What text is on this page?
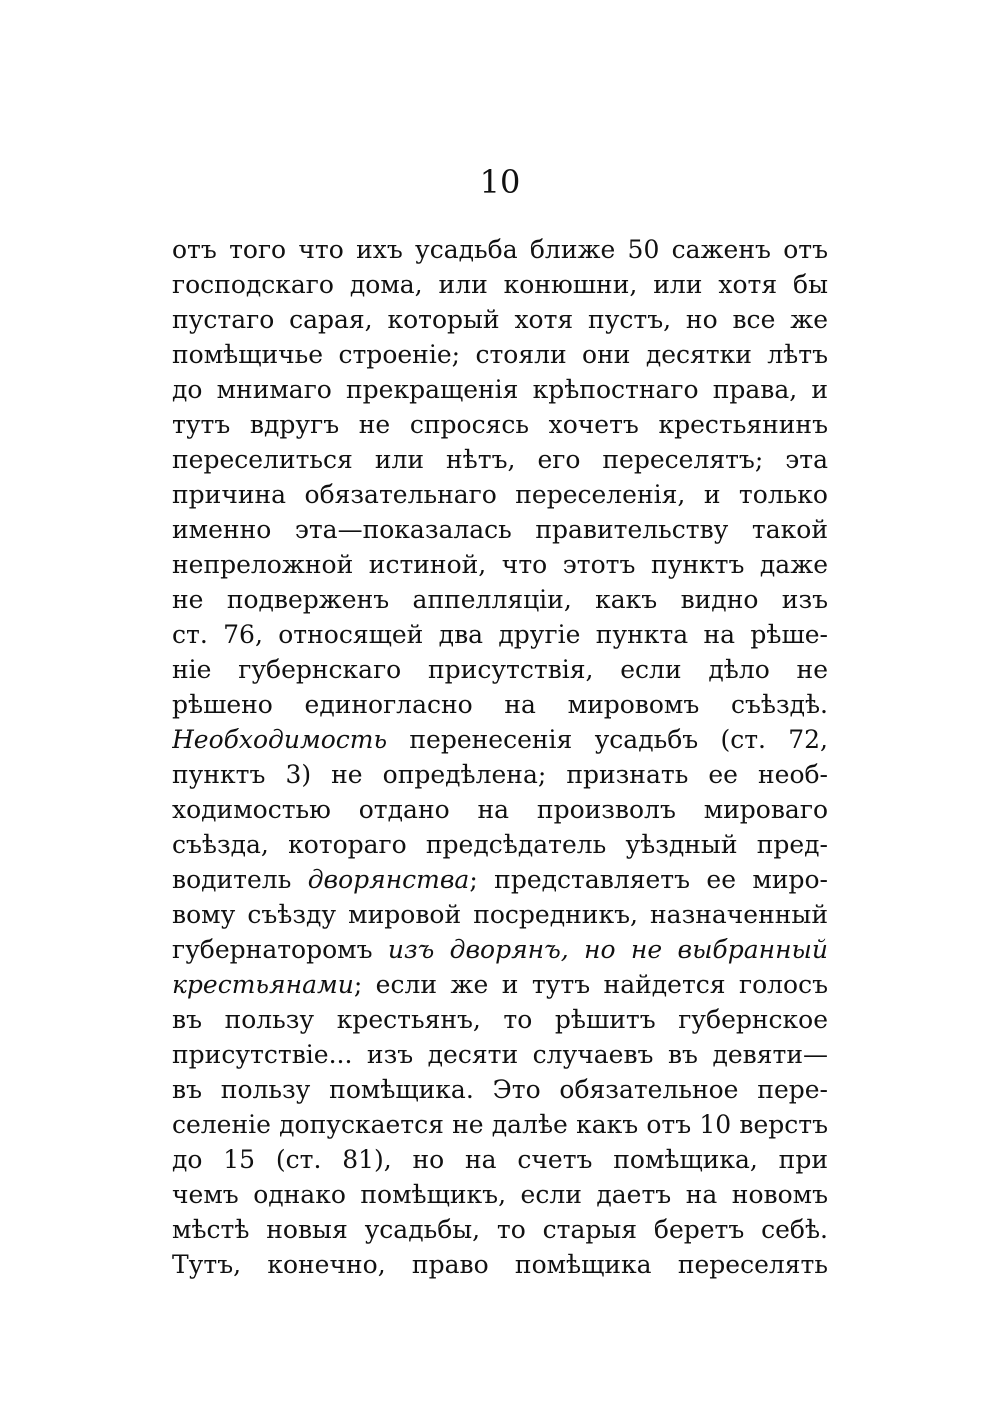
10
отъ того что ихъ усадьба ближе 50 саженъ отъ
господскаго дома, или конюшни, или хотя бы
пустаго сарая, который хотя пустъ, но все же
помѣщичье строеніе; стояли они десятки лѣтъ
до мнимаго прекращенія крѣпостнаго права, и
тутъ вдругъ не спросясь хочетъ крестьянинъ
переселиться или нѣтъ, его переселятъ; эта
причина обязательнаго переселенія, и только
именно эта—показалась правительству такой
непреложной истиной, что этотъ пунктъ даже
не подверженъ аппелляціи, какъ видно изъ
ст. 76, относящей два другіе пункта на рѣше-
ніе губернскаго присутствія, если дѣло не
рѣшено единогласно на мировомъ съѣздѣ.
Необходимость перенесенія усадьбъ (ст. 72,
пунктъ 3) не опредѣлена; признать ее необ-
ходимостью отдано на произволъ мироваго
съѣзда, котораго предсѣдатель уѣздный пред-
водитель дворянства; представляетъ ее миро-
вому съѣзду мировой посредникъ, назначенный
губернаторомъ изъ дворянъ, но не выбранный
крестьянами; если же и тутъ найдется голосъ
въ пользу крестьянъ, то рѣшитъ губернское
присутствіе... изъ десяти случаевъ въ девяти—
въ пользу помѣщика. Это обязательное пере-
селеніе допускается не далѣе какъ отъ 10 верстъ
до 15 (ст. 81), но на счетъ помѣщика, при
чемъ однако помѣщикъ, если даетъ на новомъ
мѣстѣ новыя усадьбы, то старыя беретъ себѣ.
Тутъ, конечно, право помѣщика переселять
